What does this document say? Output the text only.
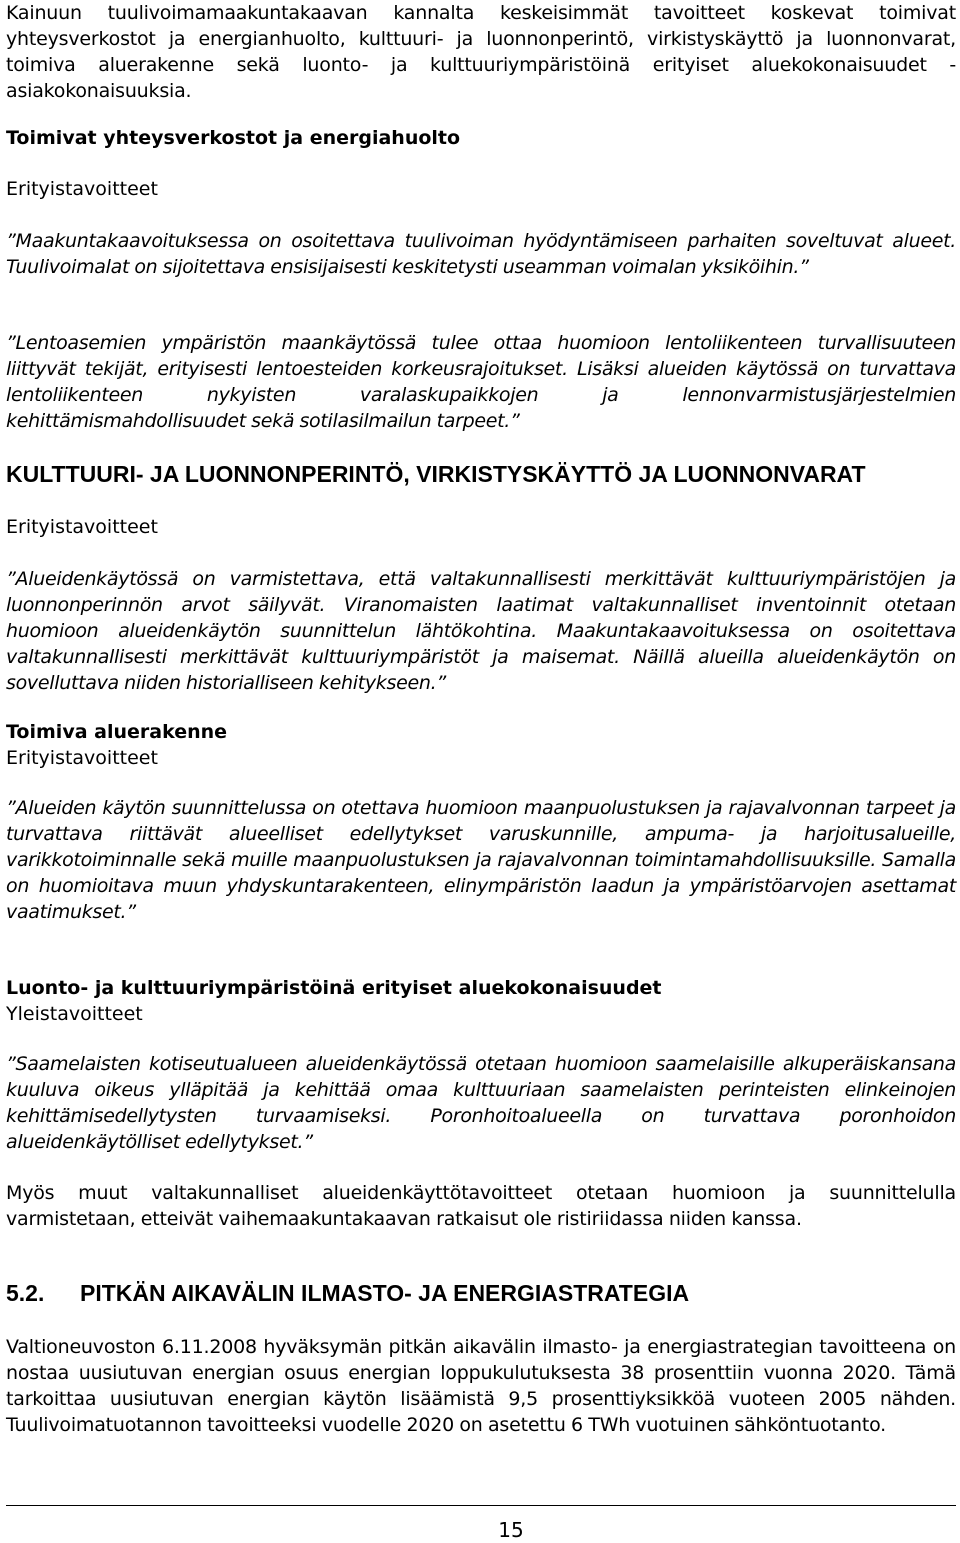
Kainuun tuulivoimamaakuntakaavan kannalta keskeisimmät tavoitteet koskevat toimivat yhteysverkostot ja energianhuolto, kulttuuri- ja luonnonperintö, virkistyskäyttö ja luonnonvarat, toimiva aluerakenne sekä luonto- ja kulttuuriympäristöinä erityiset aluekokonaisuudet -asiakokonaisuuksia.

Toimivat yhteysverkostot ja energiahuolto
Erityistavoitteet

”Maakuntakaavoituksessa on osoitettava tuulivoiman hyödyntämiseen parhaiten soveltuvat alueet. Tuulivoimalat on sijoitettava ensisijaisesti keskitetysti useamman voimalan yksiköihin.”

”Lentoasemien ympäristön maankäytössä tulee ottaa huomioon lentoliikenteen turvallisuuteen liittyvät tekijät, erityisesti lentoesteiden korkeusrajoitukset. Lisäksi alueiden käytössä on turvattava lentoliikenteen nykyisten varalaskupaikkojen ja lennonvarmistusjärjestelmien kehittämismahdollisuudet sekä sotilasilmailun tarpeet.”

KULTTUURI- JA LUONNONPERINTÖ, VIRKISTYSKÄYTTÖ JA LUONNONVARAT
Erityistavoitteet

”Alueidenkäytössä on varmistettava, että valtakunnallisesti merkittävät kulttuuriympäristöjen ja luonnonperinnön arvot säilyvät. Viranomaisten laatimat valtakunnalliset inventoinnit otetaan huomioon alueidenkäytön suunnittelun lähtökohtina. Maakuntakaavoituksessa on osoitettava valtakunnallisesti merkittävät kulttuuriympäristöt ja maisemat. Näillä alueilla alueidenkäytön on sovelluttava niiden historialliseen kehitykseen.”

Toimiva aluerakenne
Erityistavoitteet

”Alueiden käytön suunnittelussa on otettava huomioon maanpuolustuksen ja rajavalvonnan tarpeet ja turvattava riittävät alueelliset edellytykset varuskunnille, ampuma- ja harjoitusalueille, varikkotoiminnalle sekä muille maanpuolustuksen ja rajavalvonnan toimintamahdollisuuksille. Samalla on huomioitava muun yhdyskuntarakenteen, elinympäristön laadun ja ympäristöarvojen asettamat vaatimukset.”

Luonto- ja kulttuuriympäristöinä erityiset aluekokonaisuudet
Yleistavoitteet

”Saamelaisten kotiseutualueen alueidenkäytössä otetaan huomioon saamelaisille alkuperäiskansana kuuluva oikeus ylläpitää ja kehittää omaa kulttuuriaan saamelaisten perinteisten elinkeinojen kehittämisedellytysten turvaamiseksi. Poronhoitoalueella on turvattava poronhoidon alueidenkäytölliset edellytykset.”

Myös muut valtakunnalliset alueidenkäyttötavoitteet otetaan huomioon ja suunnittelulla varmistetaan, etteivät vaihemaakuntakaavan ratkaisut ole ristiriidassa niiden kanssa.

5.2. PITKÄN AIKAVÄLIN ILMASTO- JA ENERGIASTRATEGIA

Valtioneuvoston 6.11.2008 hyväksymän pitkän aikavälin ilmasto- ja energiastrategian tavoitteena on nostaa uusiutuvan energian osuus energian loppukulutuksesta 38 prosenttiin vuonna 2020. Tämä tarkoittaa uusiutuvan energian käytön lisäämistä 9,5 prosenttiyksikköä vuoteen 2005 nähden. Tuulivoimatuotannon tavoitteeksi vuodelle 2020 on asetettu 6 TWh vuotuinen sähköntuotanto.

15
